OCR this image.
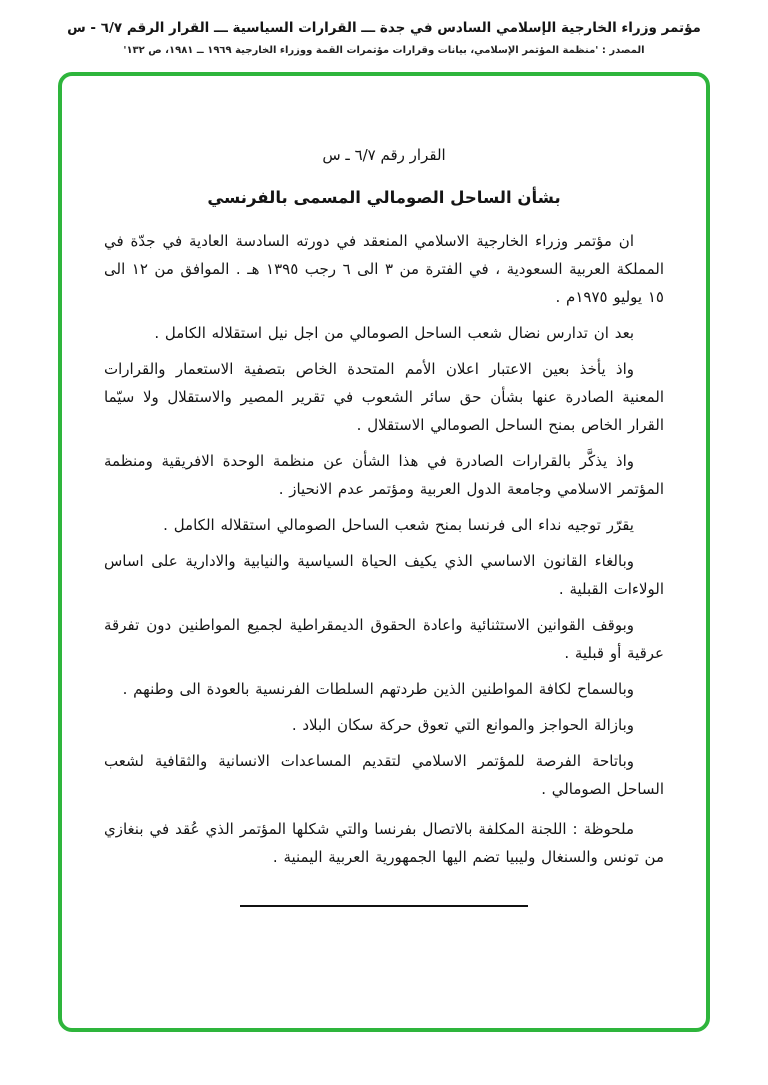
مؤتمر وزراء الخارجية الإسلامي السادس في جدة ـــ القرارات السياسية ـــ القرار الرقم ٦/٧ - س
المصدر : 'منظمة المؤتمر الإسلامي، بيانات وقرارات مؤتمرات القمة ووزراء الخارجية ١٩٦٩ ــ ١٩٨١، ص ١٣٢'
القرار رقم ٦/٧ ـ س
بشأن الساحل الصومالي المسمى بالفرنسي

ان مؤتمر وزراء الخارجية الاسلامي المنعقد في دورته السادسة العادية في جدّة في المملكة العربية السعودية ، في الفترة من ٣ الى ٦ رجب ١٣٩٥ هـ . الموافق من ١٢ الى ١٥ يوليو ١٩٧٥م .

بعد ان تدارس نضال شعب الساحل الصومالي من اجل نيل استقلاله الكامل .

واذ يأخذ بعين الاعتبار اعلان الأمم المتحدة الخاص بتصفية الاستعمار والقرارات المعنية الصادرة عنها بشأن حق سائر الشعوب في تقرير المصير والاستقلال ولا سيّما القرار الخاص بمنح الساحل الصومالي الاستقلال .

واذ يذكَّر بالقرارات الصادرة في هذا الشأن عن منظمة الوحدة الافريقية ومنظمة المؤتمر الاسلامي وجامعة الدول العربية ومؤتمر عدم الانحياز .

يقرّر توجيه نداء الى فرنسا بمنح شعب الساحل الصومالي استقلاله الكامل .

وبالغاء القانون الاساسي الذي يكيف الحياة السياسية والنيابية والادارية على اساس الولاءات القبلية .

وبوقف القوانين الاستثنائية واعادة الحقوق الديمقراطية لجميع المواطنين دون تفرقة عرقية أو قبلية .

وبالسماح لكافة المواطنين الذين طردتهم السلطات الفرنسية بالعودة الى وطنهم .

وبازالة الحواجز والموانع التي تعوق حركة سكان البلاد .

وباتاحة الفرصة للمؤتمر الاسلامي لتقديم المساعدات الانسانية والثقافية لشعب الساحل الصومالي .

ملحوظة : اللجنة المكلفة بالاتصال بفرنسا والتي شكلها المؤتمر الذي عُقد في بنغازي من تونس والسنغال وليبيا تضم اليها الجمهورية العربية اليمنية .
